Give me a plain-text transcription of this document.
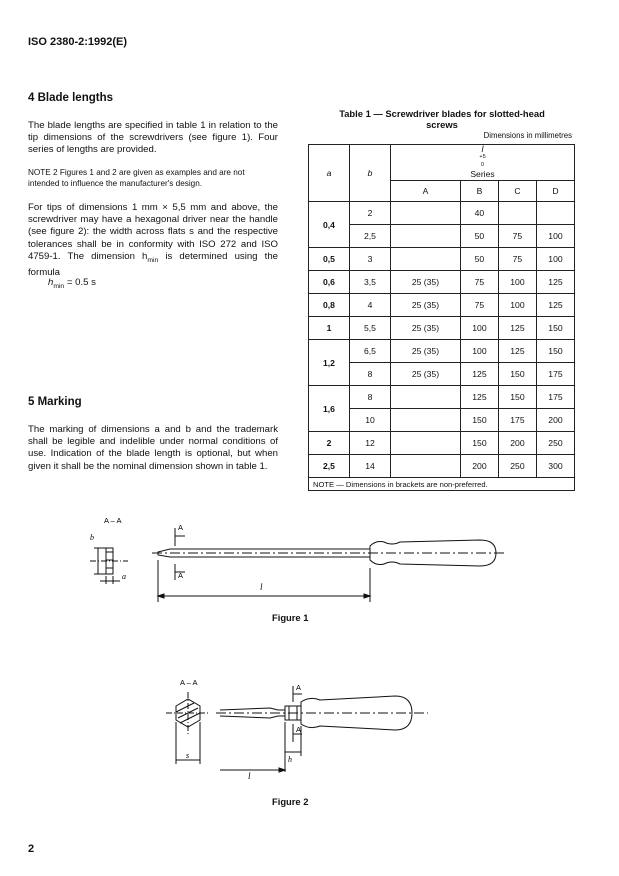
ISO 2380-2:1992(E)
4 Blade lengths
The blade lengths are specified in table 1 in relation to the tip dimensions of the screwdrivers (see figure 1). Four series of lengths are provided.
NOTE 2 Figures 1 and 2 are given as examples and are not intended to influence the manufacturer's design.
For tips of dimensions 1 mm × 5,5 mm and above, the screwdriver may have a hexagonal driver near the handle (see figure 2): the width across flats s and the respective tolerances shall be in conformity with ISO 272 and ISO 4759-1. The dimension $h_{min}$ is determined using the formula
$h_{min} = 0.5$ s
5 Marking
The marking of dimensions a and b and the trademark shall be legible and indelible under normal conditions of use. Indication of the blade length is optional, but when given it shall be the nominal dimension shown in table 1.
Table 1 — Screwdriver blades for slotted-head
screws
Dimensions in millimetres
a	b	l
+5
0
Series			

		A	B	C	D
0,4	2		40		
	2,5		50	75	100
0,5	3		50	75	100
0,6	3,5	25 (35)	75	100	125
0,8	4	25 (35)	75	100	125
1	5,5	25 (35)	100	125	150
1,2	6,5	25 (35)	100	125	150
	8	25 (35)	125	150	175
1,6	8		125	150	175
	10		150	175	200
2	12		150	200	250
2,5	14		200	250	300
NOTE — Dimensions in brackets are non-preferred.					
A – A
A
A
b
a
l
Figure 1
A – A
A
A
s	h
l
Figure 2
2
